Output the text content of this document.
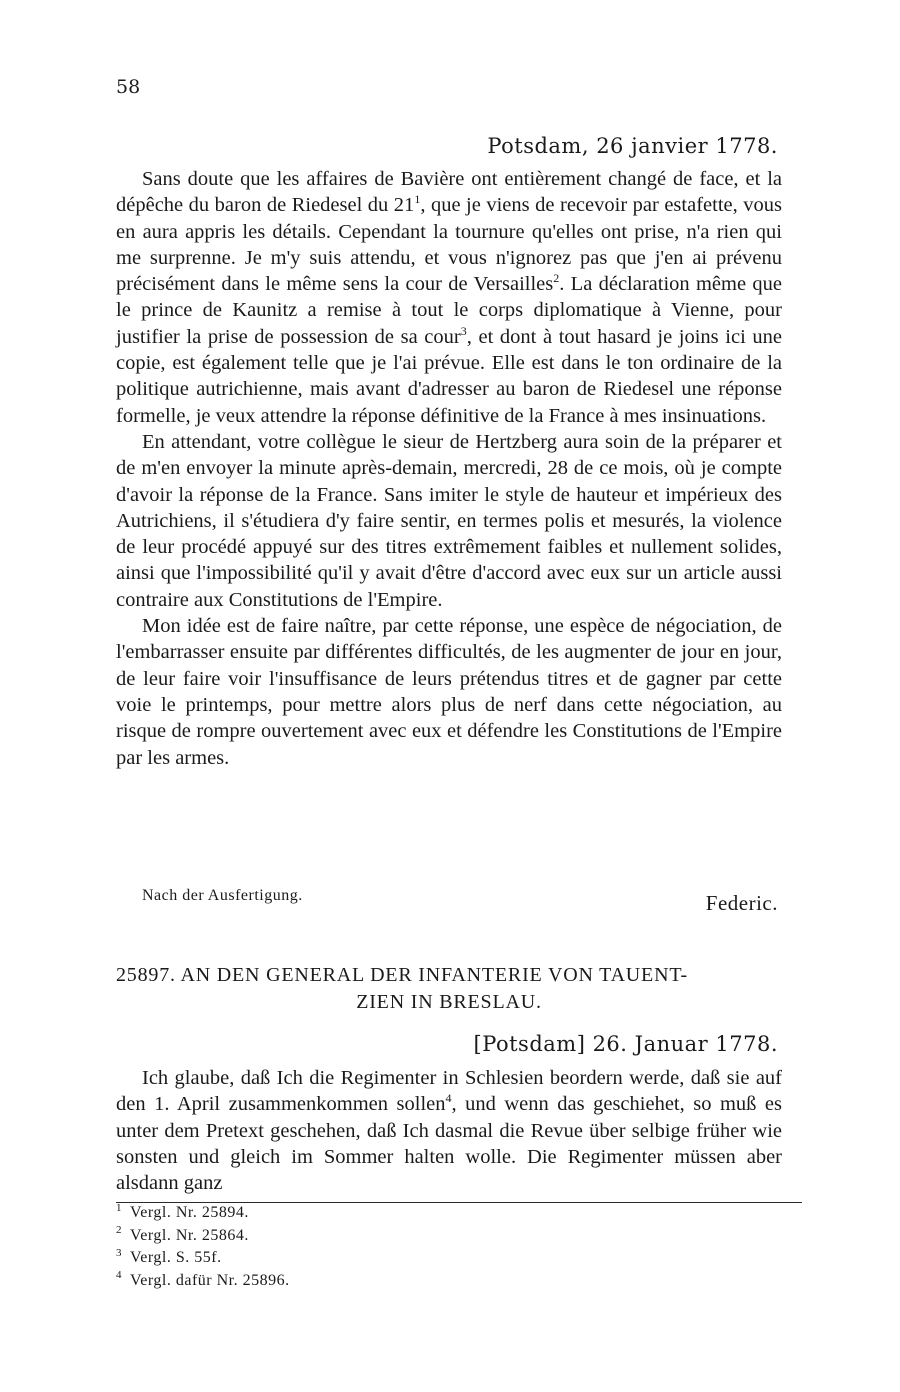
58
Potsdam, 26 janvier 1778.

Sans doute que les affaires de Bavière ont entièrement changé de face, et la dépêche du baron de Riedesel du $21^1$, que je viens de recevoir par estafette, vous en aura appris les détails. Cependant la tournure qu'elles ont prise, n'a rien qui me surprenne. Je m'y suis attendu, et vous n'ignorez pas que j'en ai prévenu précisément dans le même sens la cour de Versailles$^2$. La déclaration même que le prince de Kaunitz a remise à tout le corps diplomatique à Vienne, pour justifier la prise de possession de sa cour$^3$, et dont à tout hasard je joins ici une copie, est également telle que je l'ai prévue. Elle est dans le ton ordinaire de la politique autrichienne, mais avant d'adresser au baron de Riedesel une réponse formelle, je veux attendre la réponse définitive de la France à mes insinuations.

En attendant, votre collègue le sieur de Hertzberg aura soin de la préparer et de m'en envoyer la minute après-demain, mercredi, 28 de ce mois, où je compte d'avoir la réponse de la France. Sans imiter le style de hauteur et impérieux des Autrichiens, il s'étudiera d'y faire sentir, en termes polis et mesurés, la violence de leur procédé appuyé sur des titres extrêmement faibles et nullement solides, ainsi que l'impossibilité qu'il y avait d'être d'accord avec eux sur un article aussi contraire aux Constitutions de l'Empire.

Mon idée est de faire naître, par cette réponse, une espèce de négociation, de l'embarrasser ensuite par différentes difficultés, de les augmenter de jour en jour, de leur faire voir l'insuffisance de leurs prétendus titres et de gagner par cette voie le printemps, pour mettre alors plus de nerf dans cette négociation, au risque de rompre ouvertement avec eux et défendre les Constitutions de l'Empire par les armes.

Nach der Ausfertigung.	Federic.
25897. AN DEN GENERAL DER INFANTERIE VON TAUENT-
ZIEN IN BRESLAU.
[Potsdam] 26. Januar 1778.

Ich glaube, daß Ich die Regimenter in Schlesien beordern werde, daß sie auf den 1. April zusammenkommen sollen$^4$, und wenn das geschiehet, so muß es unter dem Pretext geschehen, daß Ich dasmal die Revue über selbige früher wie sonsten und gleich im Sommer halten wolle. Die Regimenter müssen aber alsdann ganz

$^1$ Vergl. Nr. 25894.
$^2$ Vergl. Nr. 25864.
$^3$ Vergl. S. 55f.
$^4$ Vergl. dafür Nr. 25896.
